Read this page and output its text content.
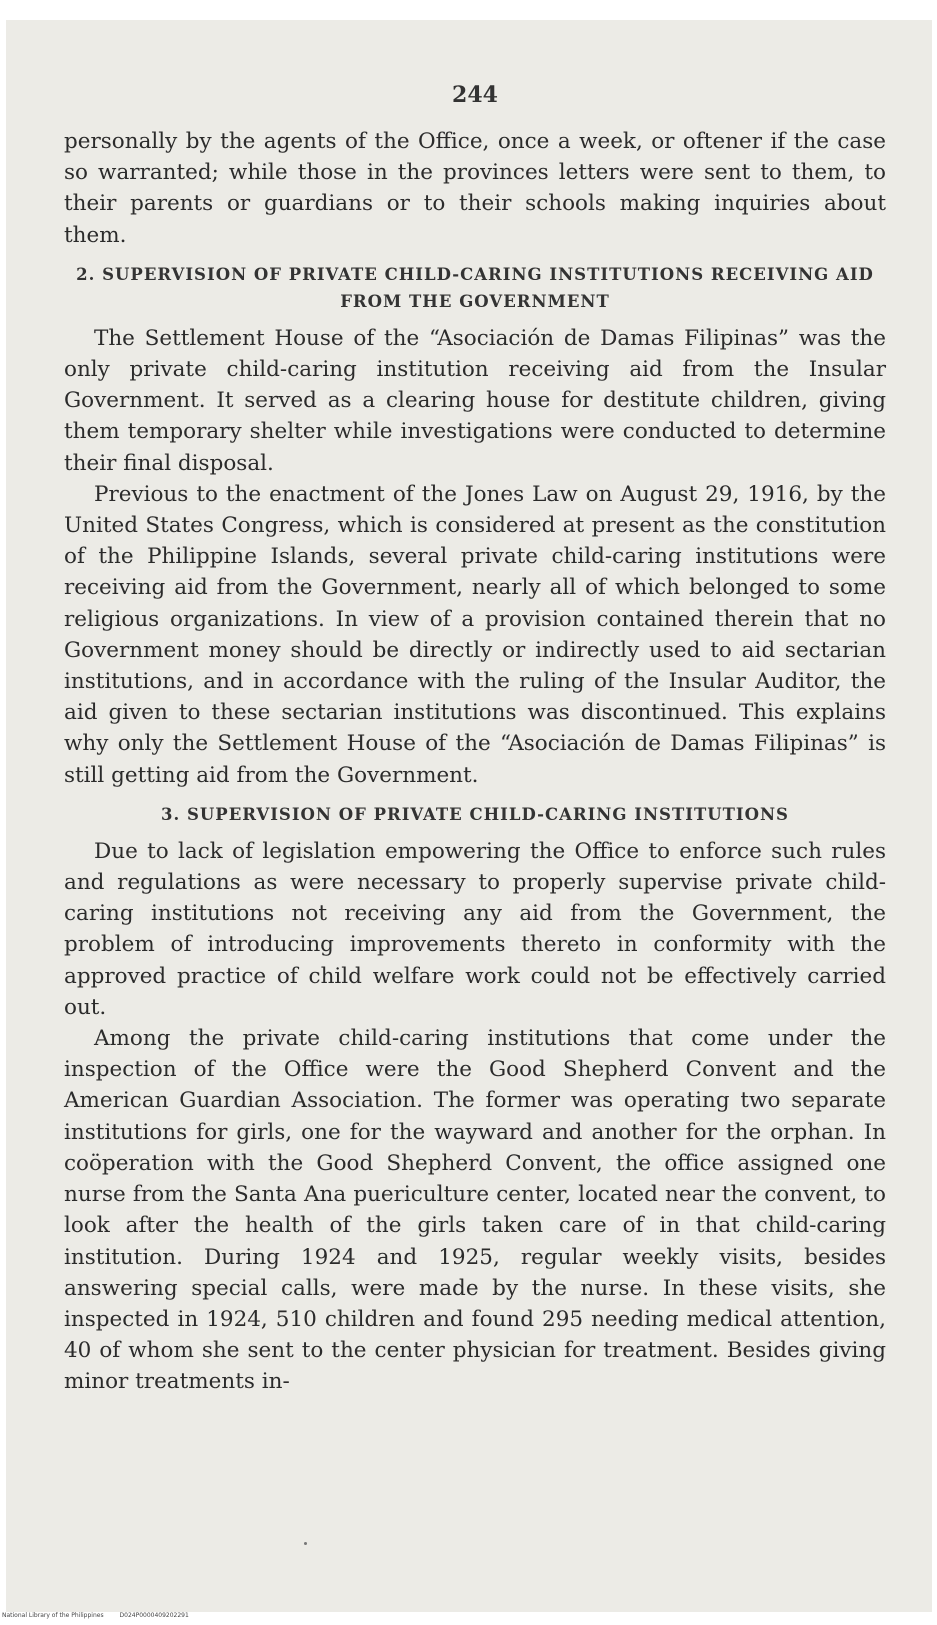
244

personally by the agents of the Office, once a week, or oftener if the case so warranted; while those in the provinces letters were sent to them, to their parents or guardians or to their schools making inquiries about them.

2. SUPERVISION OF PRIVATE CHILD-CARING INSTITUTIONS RECEIVING AID FROM THE GOVERNMENT

The Settlement House of the “Asociación de Damas Filipinas” was the only private child-caring institution receiving aid from the Insular Government. It served as a clearing house for destitute children, giving them temporary shelter while investigations were conducted to determine their final disposal.

Previous to the enactment of the Jones Law on August 29, 1916, by the United States Congress, which is considered at present as the constitution of the Philippine Islands, several private child-caring institutions were receiving aid from the Government, nearly all of which belonged to some religious organizations. In view of a provision contained therein that no Government money should be directly or indirectly used to aid sectarian institutions, and in accordance with the ruling of the Insular Auditor, the aid given to these sectarian institutions was discontinued. This explains why only the Settlement House of the “Asociación de Damas Filipinas” is still getting aid from the Government.

3. SUPERVISION OF PRIVATE CHILD-CARING INSTITUTIONS

Due to lack of legislation empowering the Office to enforce such rules and regulations as were necessary to properly supervise private child-caring institutions not receiving any aid from the Government, the problem of introducing improvements thereto in conformity with the approved practice of child welfare work could not be effectively carried out.

Among the private child-caring institutions that come under the inspection of the Office were the Good Shepherd Convent and the American Guardian Association. The former was operating two separate institutions for girls, one for the wayward and another for the orphan. In coöperation with the Good Shepherd Convent, the office assigned one nurse from the Santa Ana puericulture center, located near the convent, to look after the health of the girls taken care of in that child-caring institution. During 1924 and 1925, regular weekly visits, besides answering special calls, were made by the nurse. In these visits, she inspected in 1924, 510 children and found 295 needing medical attention, 40 of whom she sent to the center physician for treatment. Besides giving minor treatments in-

National Library of the Philippines	D024P0000409202291
